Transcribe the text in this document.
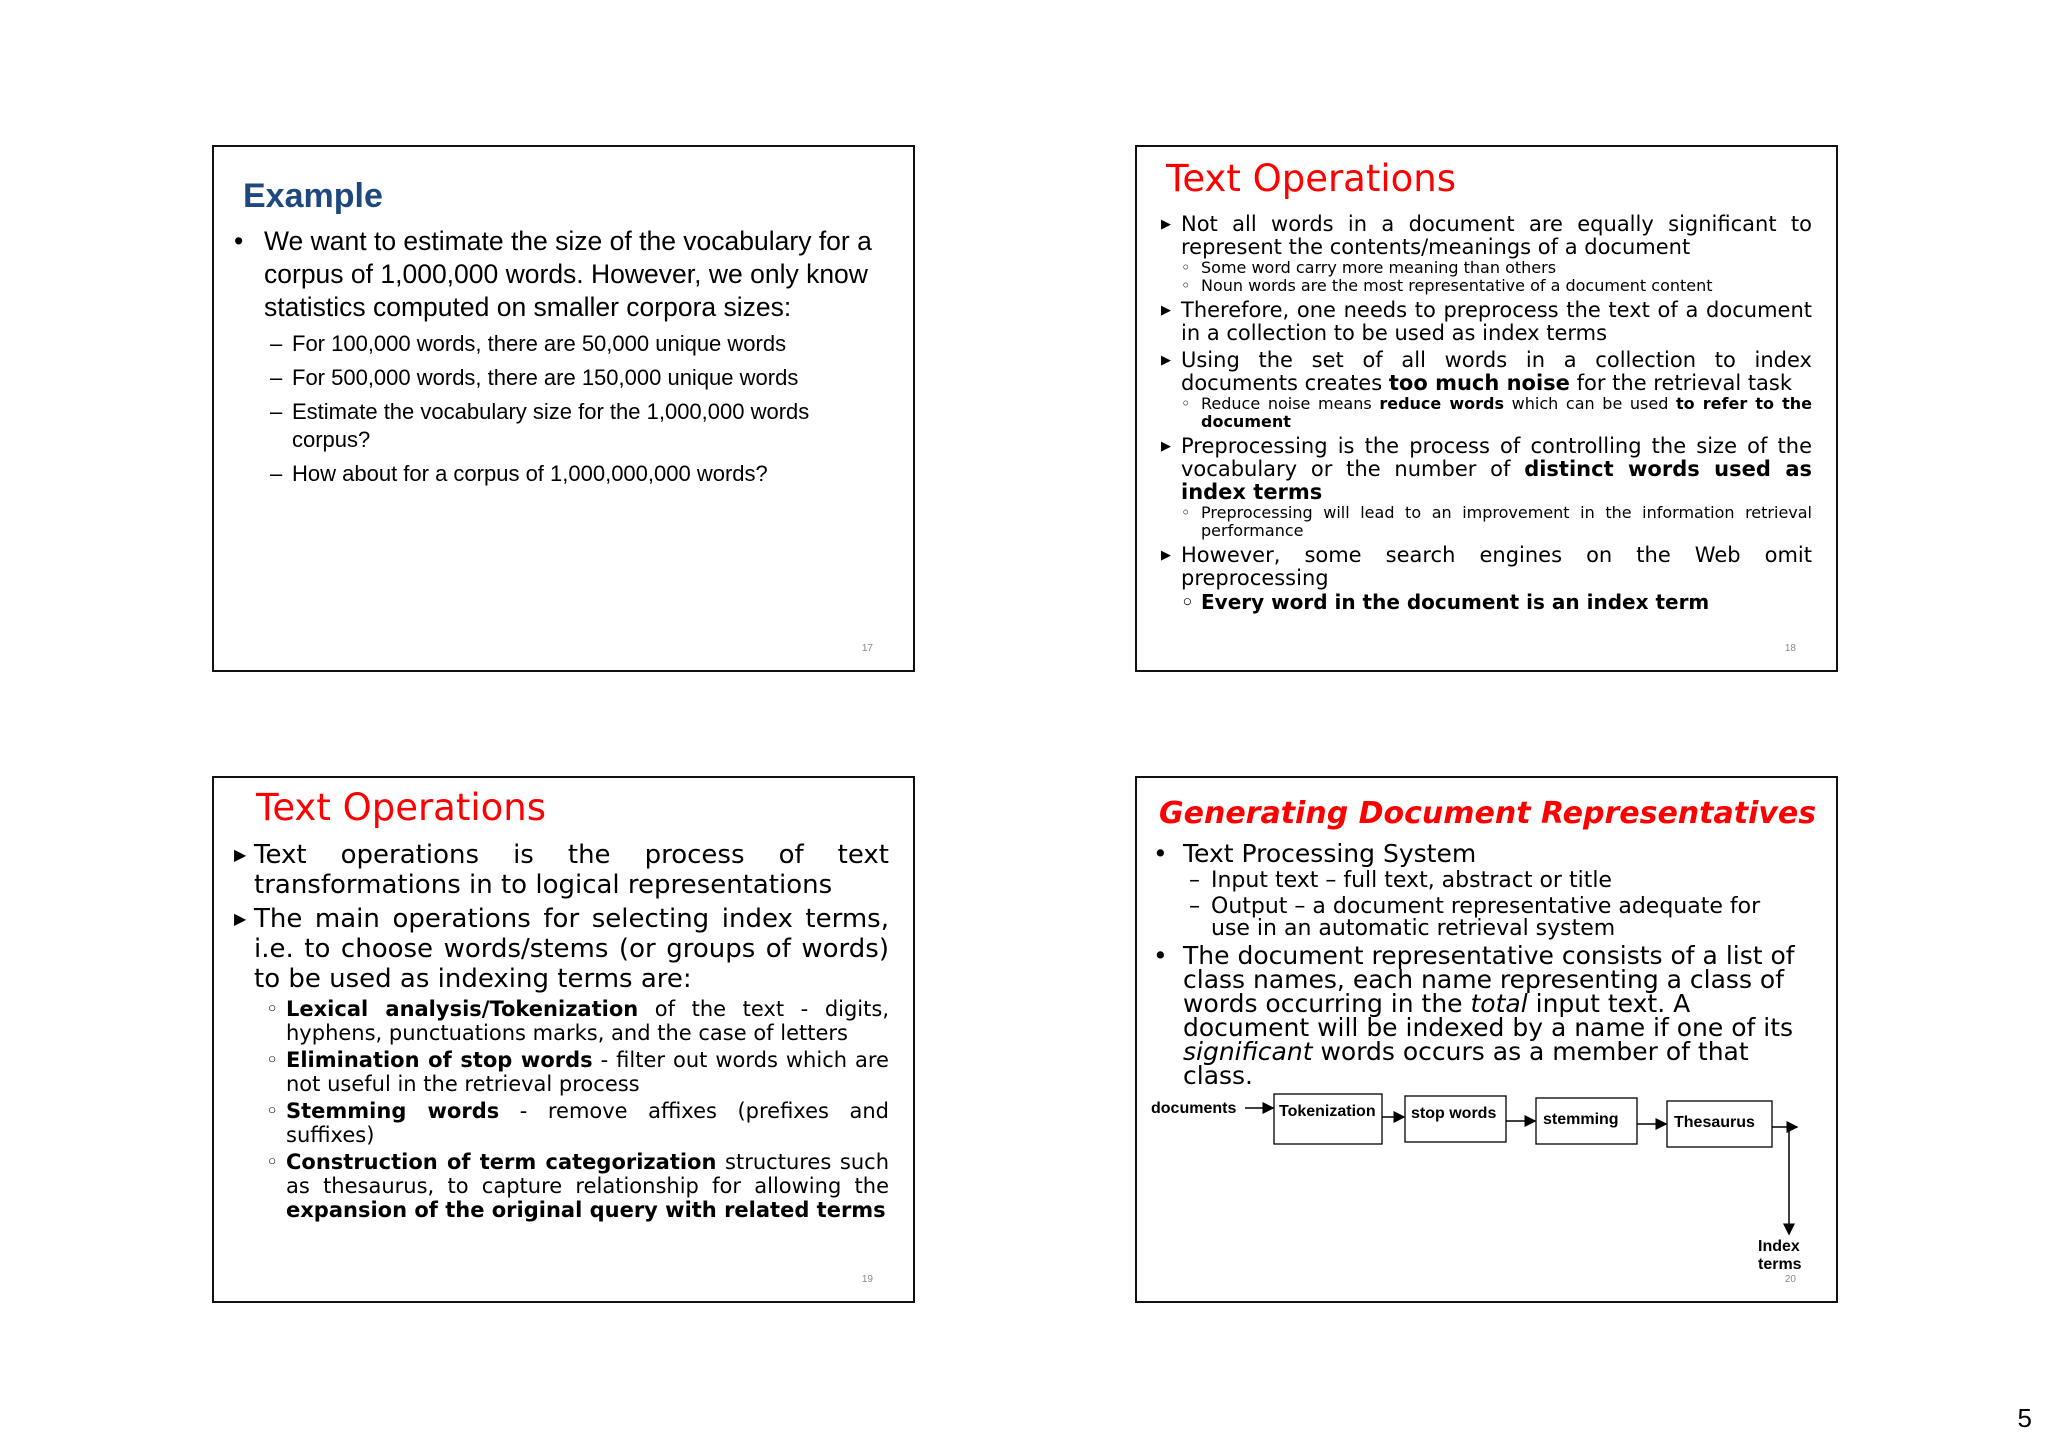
Example
• We want to estimate the size of the vocabulary for a corpus of 1,000,000 words. However, we only know statistics computed on smaller corpora sizes:
– For 100,000 words, there are 50,000 unique words
– For 500,000 words, there are 150,000 unique words
– Estimate the vocabulary size for the 1,000,000 words corpus?
– How about for a corpus of 1,000,000,000 words?
17
Text Operations
▶ Not all words in a document are equally significant to represent the contents/meanings of a document
◦ Some word carry more meaning than others
◦ Noun words are the most representative of a document content
▶ Therefore, one needs to preprocess the text of a document in a collection to be used as index terms
▶ Using the set of all words in a collection to index documents creates too much noise for the retrieval task
◦ Reduce noise means reduce words which can be used to refer to the document
▶ Preprocessing is the process of controlling the size of the vocabulary or the number of distinct words used as index terms
◦ Preprocessing will lead to an improvement in the information retrieval performance
▶ However, some search engines on the Web omit preprocessing
◦ Every word in the document is an index term
18
Text Operations
▶ Text operations is the process of text transformations in to logical representations
▶ The main operations for selecting index terms, i.e. to choose words/stems (or groups of words) to be used as indexing terms are:
◦ Lexical analysis/Tokenization of the text - digits, hyphens, punctuations marks, and the case of letters
◦ Elimination of stop words - filter out words which are not useful in the retrieval process
◦ Stemming words - remove affixes (prefixes and suffixes)
◦ Construction of term categorization structures such as thesaurus, to capture relationship for allowing the expansion of the original query with related terms
19
Generating Document Representatives
• Text Processing System
– Input text – full text, abstract or title
– Output – a document representative adequate for use in an automatic retrieval system
• The document representative consists of a list of class names, each name representing a class of words occurring in the total input text. A document will be indexed by a name if one of its significant words occurs as a member of that class.
documents	Tokenization stop words	stemming	Thesaurus
Index
terms
20
5
